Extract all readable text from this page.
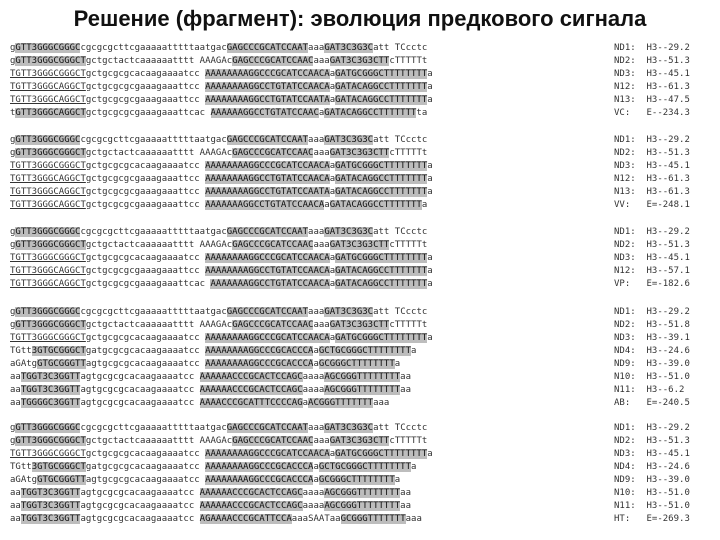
Решение (фрагмент): эволюция предкового сигнала
gGTT3GGGCGGGCcgcgcgcttcgaaaaatttttaatgacGAGCCCGCATCCAATaaaGAT3C3G3Catt TCcctc	ND1:  H3--29.2
gGTT3GGGCGGGCTgctgctactcaaaaaatttt AAAGAcGAGCCCGCATCCAACaaaGAT3C3G3CTTcTTTTTt	ND2:  H3--51.3
TGTT3GGGCGGGCTgctgcgcgcacaagaaaatcc AAAAAAAAGGCCCGCATCCAACAaGATGCGGGCTTTTTTTTa	ND3:  H3--45.1
TGTT3GGGCAGGCTgctgcgcgcgaaagaaattcc AAAAAAAAGGCCTGTATCCAACAaGATACAGGCCTTTTTTTa	N12:  H3--61.3
TGTT3GGGCAGGCTgctgcgcgcgaaagaaattcc AAAAAAAAGGCCTGTATCCAATAaGATACAGGCCTTTTTTTa	N13:  H3--47.5
tGTT3GGGCAGGCTgctgcgcgcgaaagaaattcac AAAAAAGGCCTGTATCCAACaGATACAGGCCTTTTTTTta	VC:   E--234.3
gGTT3GGGCGGGCcgcgcgcttcgaaaaatttttaatgacGAGCCCGCATCCAATaaaGAT3C3G3Catt TCcctc	ND1:  H3--29.2
gGTT3GGGCGGGCTgctgctactcaaaaaatttt AAAGAcGAGCCCGCATCCAACaaaGAT3C3G3CTTcTTTTTt	ND2:  H3--51.3
TGTT3GGGCGGGCTgctgcgcgcacaagaaaatcc AAAAAAAAGGCCCGCATCCAACAaGATGCGGGCTTTTTTTTa	ND3:  H3--45.1
TGTT3GGGCAGGCTgctgcgcgcgaaagaaattcc AAAAAAAAGGCCTGTATCCAACAaGATACAGGCCTTTTTTTa	N12:  H3--61.3
TGTT3GGGCAGGCTgctgcgcgcgaaagaaattcc AAAAAAAAGGCCTGTATCCAATAaGATACAGGCCTTTTTTTa	N13:  H3--61.3
TGTT3GGGCAGGCTgctgcgcgcgaaagaaattcc AAAAAAAGGCCTGTATCCAACAaGATACAGGCCTTTTTTTa	VV:   E=-248.1
gGTT3GGGCGGGCcgcgcgcttcgaaaaatttttaatgacGAGCCCGCATCCAATaaaGAT3C3G3Catt TCcctc	ND1:  H3--29.2
gGTT3GGGCGGGCTgctgctactcaaaaaatttt AAAGAcGAGCCCGCATCCAACaaaGAT3C3G3CTTcTTTTTt	ND2:  H3--51.3
TGTT3GGGCGGGCTgctgcgcgcacaagaaaatcc AAAAAAAAGGCCCGCATCCAACAaGATGCGGGCTTTTTTTTa	ND3:  H3--45.1
TGTT3GGGCAGGCTgctgcgcgcgaaagaaattcc AAAAAAAAGGCCTGTATCCAACAaGATACAGGCCTTTTTTTa	N12:  H3--57.1
TGTT3GGGCAGGCTgctgcgcgcgaaagaaattcac AAAAAAAGGCCTGTATCCAACAaGATACAGGCCTTTTTTTa	VP:   E=-182.6
gGTT3GGGCGGGCcgcgcgcttcgaaaaatttttaatgacGAGCCCGCATCCAATaaaGAT3C3G3Catt TCcctc	ND1:  H3--29.2
gGTT3GGGCGGGCTgctgctactcaaaaaatttt AAAGAcGAGCCCGCATCCAACaaaGAT3C3G3CTTcTTTTTt	ND2:  H3--51.8
TGTT3GGGCGGGCTgctgcgcgcacaagaaaatcc AAAAAAAAGGCCCGCATCCAACAaGATGCGGGCTTTTTTTTa	ND3:  H3--39.1
TGtt3GTGCGGGCTgatgcgcgcacaagaaaatcc AAAAAAAAGGCCCGCACCCAaGCTGCGGGCTTTTTTTTa	ND4:  H3--24.6
aGAtgGTGCGGGTTagtgcgcgcacaagaaaatcc AAAAAAAAGGCCCGCACCCAaGCGGGCTTTTTTTTa	ND9:  H3--39.0
aaTGGT3C3GGTTagtgcgcgcacaagaaaatcc AAAAAACCCGCACTCCAGCaaaaAGCGGGTTTTTTTTaa	N10:  H3--51.0
aaTGGT3C3GGTTagtgcgcgcacaagaaaatcc AAAAAACCCGCACTCCAGCaaaaAGCGGGTTTTTTTTaa	N11:  H3--6.2
aaTGGGGC3GGTTagtgcgcgcacaagaaaatcc AAAACCCGCATTTCCCCAGaACGGGTTTTTTTaaa	AB:   E=-240.5
gGTT3GGGCGGGCcgcgcgcttcgaaaaatttttaatgacGAGCCCGCATCCAATaaaGAT3C3G3Catt TCcctc	ND1:  H3--29.2
gGTT3GGGCGGGCTgctgctactcaaaaaatttt AAAGAcGAGCCCGCATCCAACaaaGAT3C3G3CTTcTTTTTt	ND2:  H3--51.3
TGTT3GGGCGGGCTgctgcgcgcacaagaaaatcc AAAAAAAAGGCCCGCATCCAACAaGATGCGGGCTTTTTTTTa	ND3:  H3--45.1
TGtt3GTGCGGGCTgatgcgcgcacaagaaaatcc AAAAAAAAGGCCCGCACCCAaGCTGCGGGCTTTTTTTTa	ND4:  H3--24.6
aGAtgGTGCGGGTTagtgcgcgcacaagaaaatcc AAAAAAAAGGCCCGCACCCAaGCGGGCTTTTTTTTa	ND9:  H3--39.0
aaTGGT3C3GGTTagtgcgcgcacaagaaaatcc AAAAAACCCGCACTCCAGCaaaaAGCGGGTTTTTTTTaa	N10:  H3--51.0
aaTGGT3C3GGTTagtgcgcgcacaagaaaatcc AAAAAACCCGCACTCCAGCaaaaAGCGGGTTTTTTTTaa	N11:  H3--51.0
aaTGGT3C3GGTTagtgcgcgcacaagaaaatcc AGAAAACCCGCATTCCAaaaSAATaaGCGGGTTTTTTTaaa	HT:   E=-269.3
